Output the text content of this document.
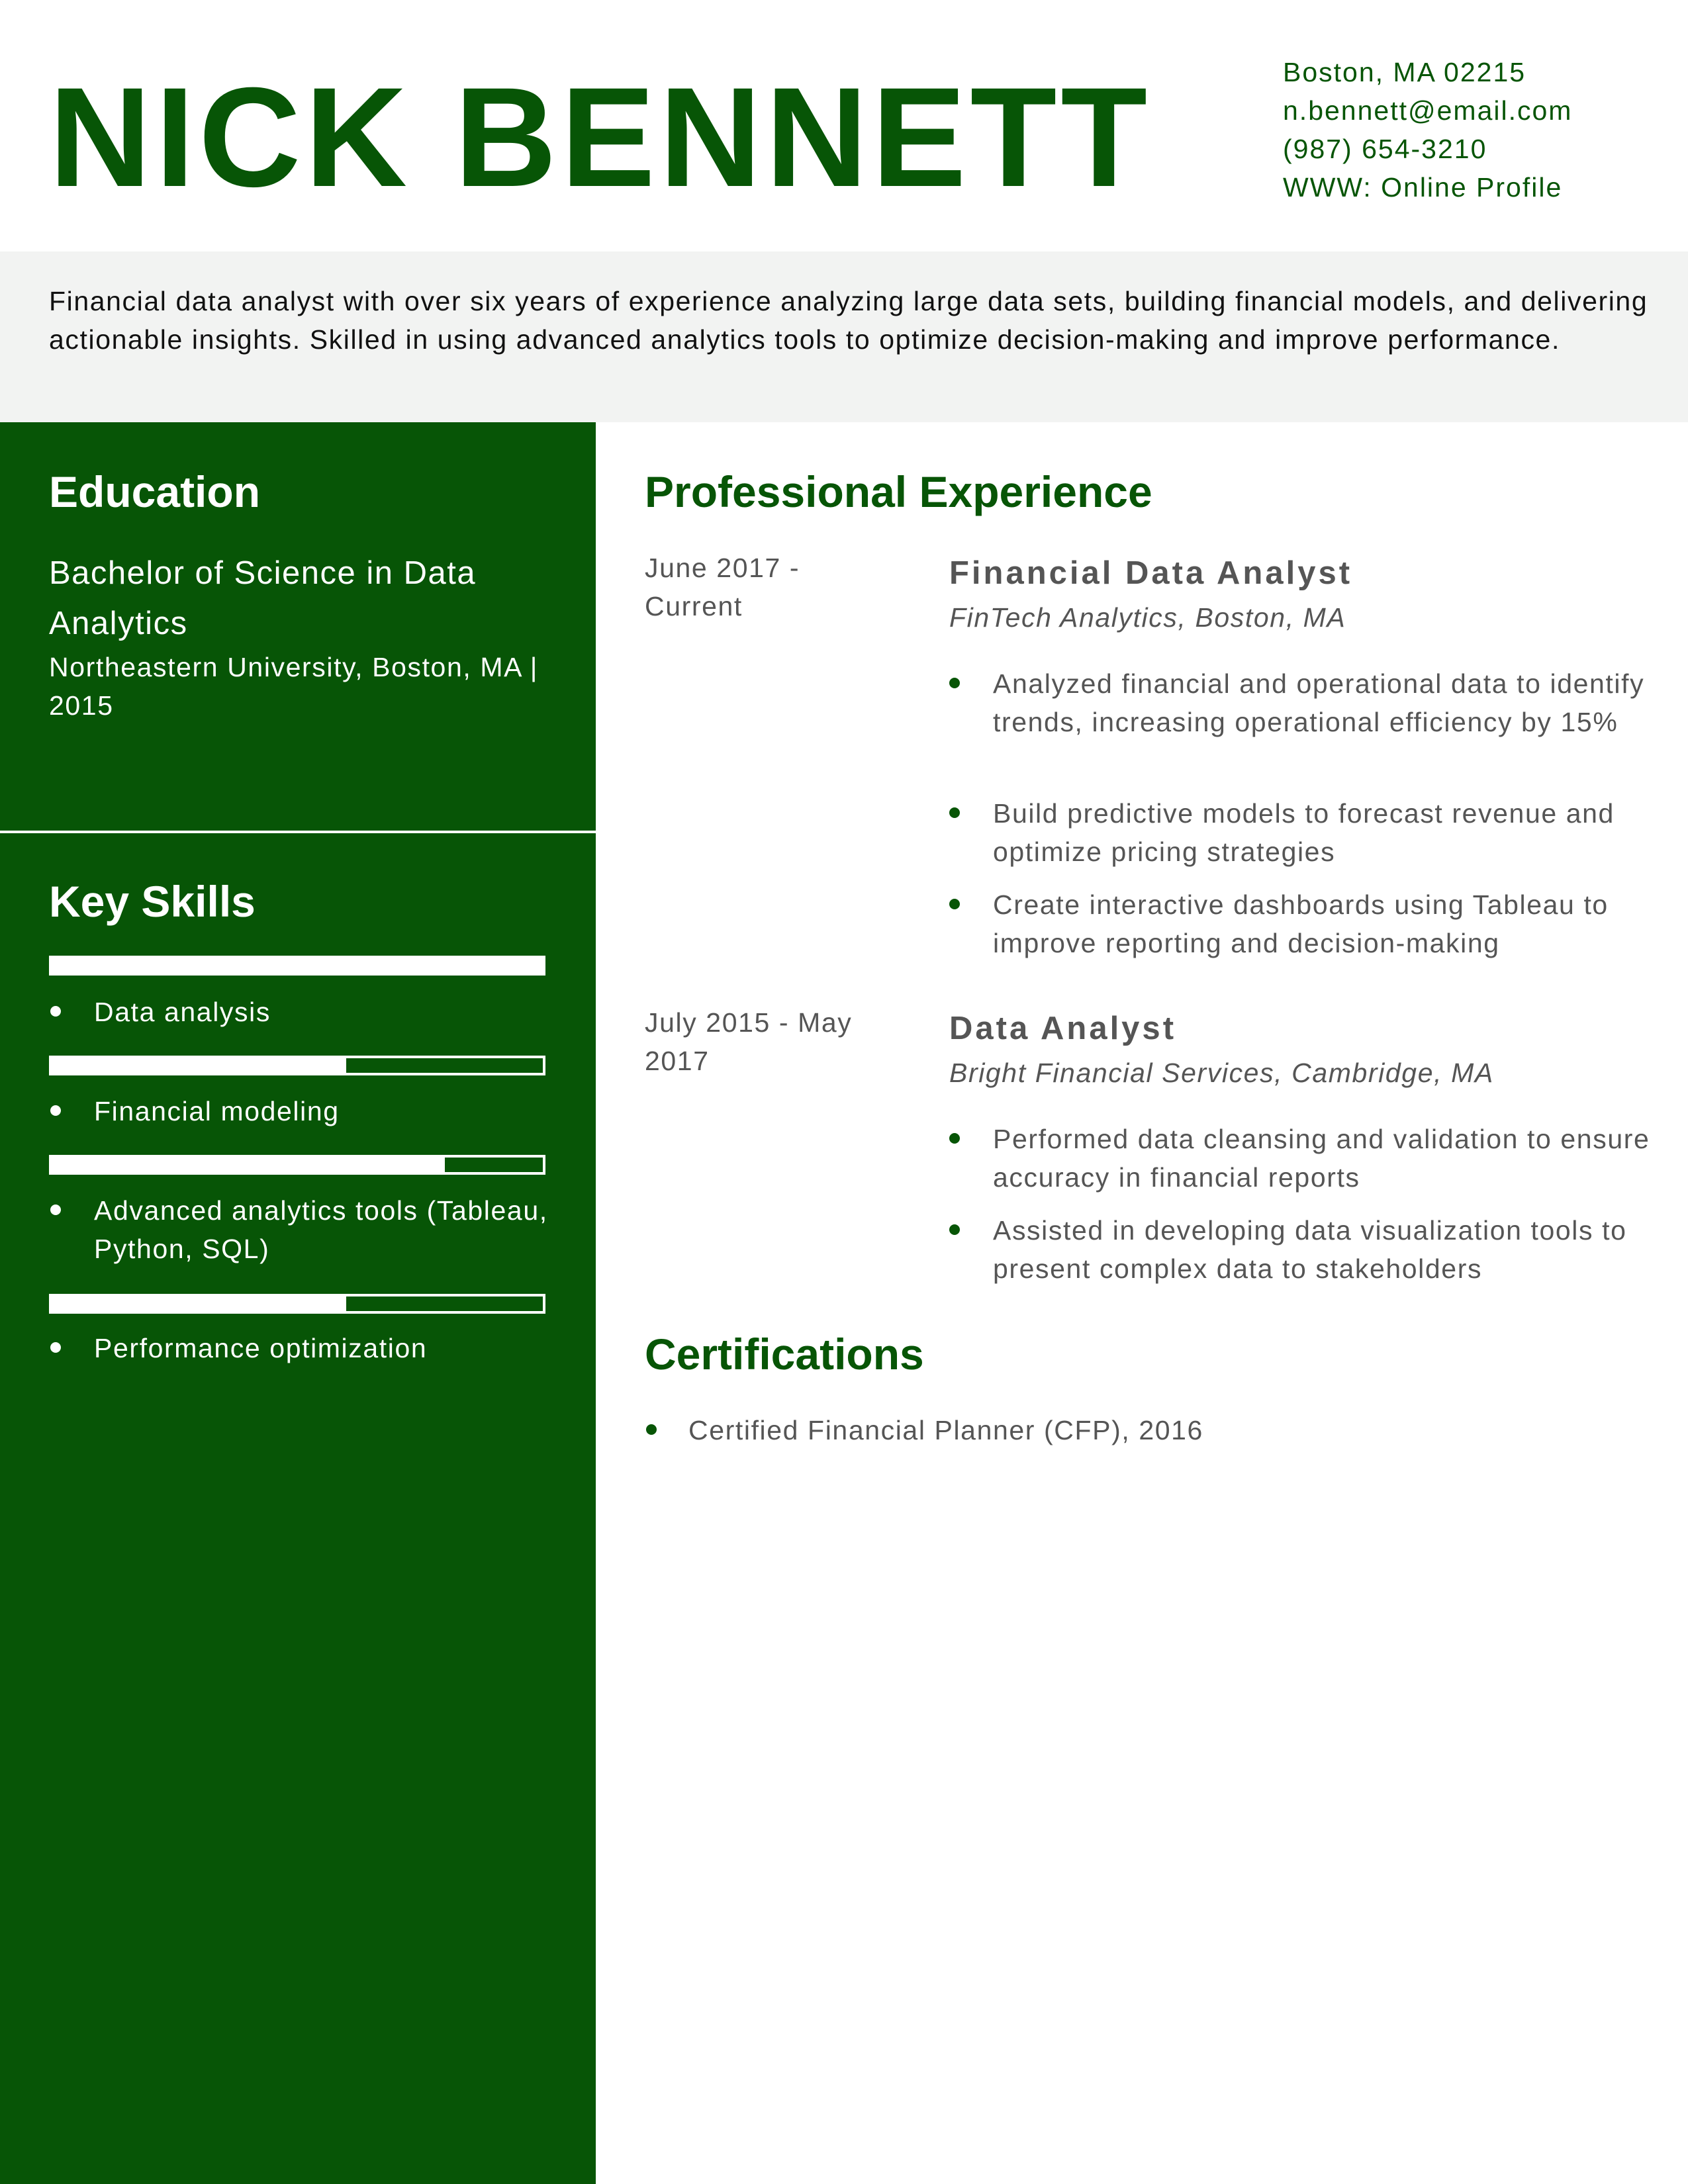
NICK BENNETT	Boston, MA 02215
n.bennett@email.com
(987) 654-3210
WWW: Online Profile

Financial data analyst with over six years of experience analyzing large data sets, building financial models, and delivering actionable insights. Skilled in using advanced analytics tools to optimize decision-making and improve performance.

Education
Bachelor of Science in Data Analytics
Northeastern University, Boston, MA | 2015
Key Skills
Data analysis
Financial modeling
Advanced analytics tools (Tableau, Python, SQL)
Performance optimization
Professional Experience
June 2017 - Current
Financial Data Analyst
FinTech Analytics, Boston, MA
Analyzed financial and operational data to identify trends, increasing operational efficiency by 15%
Build predictive models to forecast revenue and optimize pricing strategies
Create interactive dashboards using Tableau to improve reporting and decision-making
July 2015 - May 2017
Data Analyst
Bright Financial Services, Cambridge, MA
Performed data cleansing and validation to ensure accuracy in financial reports
Assisted in developing data visualization tools to present complex data to stakeholders
Certifications
Certified Financial Planner (CFP), 2016
